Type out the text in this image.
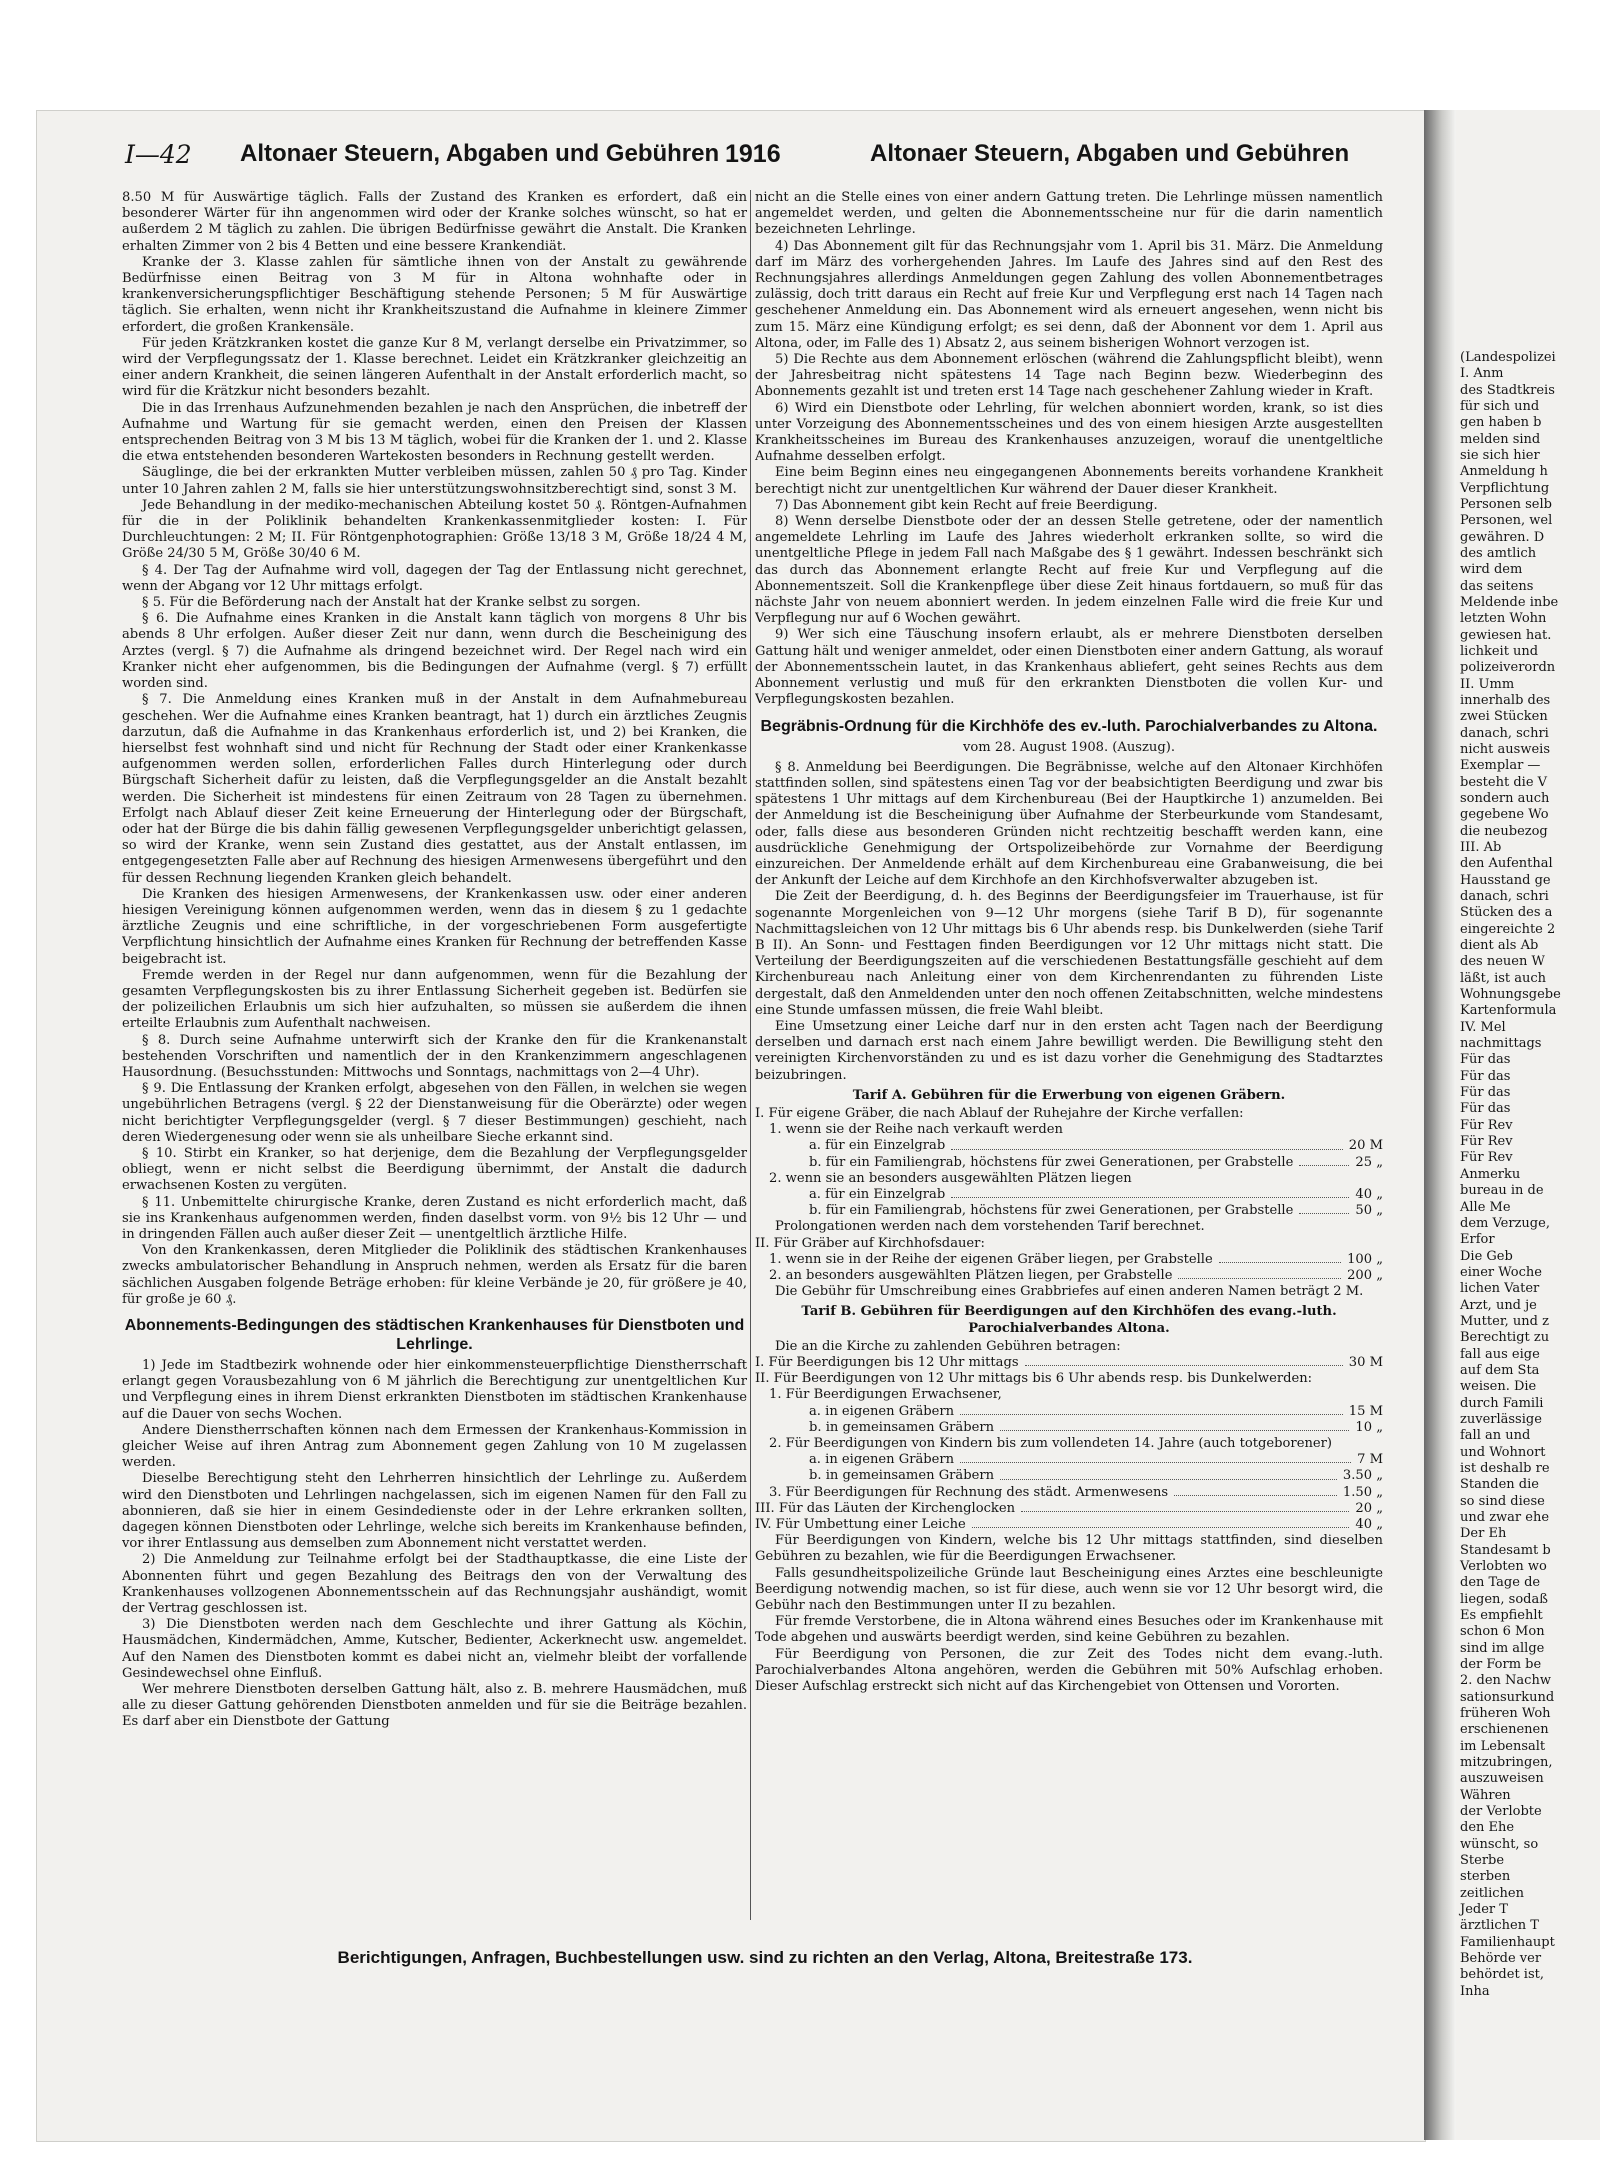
(Landespolizei
I. Anm
des Stadtkreis
für sich und
gen haben b
melden sind
sie sich hier
Anmeldung h
Verpflichtung
Personen selb
Personen, wel
gewähren. D
des amtlich
wird dem
das seitens
Meldende inbe
letzten Wohn
gewiesen hat.
lichkeit und
polizeiverordn
II. Umm
innerhalb des
zwei Stücken
danach, schri
nicht ausweis
Exemplar —
besteht die V
sondern auch
gegebene Wo
die neubezog
III. Ab
den Aufenthal
Hausstand ge
danach, schri
Stücken des a
eingereichte 2
dient als Ab
des neuen W
läßt, ist auch
Wohnungsgebe
Kartenformula
IV. Mel
nachmittags
Für das
Für das
Für das
Für das
Für Rev
Für Rev
Für Rev
Anmerku
bureau in de
Alle Me
dem Verzuge,
Erfor
Die Geb
einer Woche
lichen Vater
Arzt, und je
Mutter, und z
Berechtigt zu
fall aus eige
auf dem Sta
weisen. Die
durch Famili
zuverlässige
fall an und
und Wohnort
ist deshalb re
Standen die
so sind diese
und zwar ehe
Der Eh
Standesamt b
Verlobten wo
den Tage de
liegen, sodaß
Es empfiehlt
schon 6 Mon
sind im allge
der Form be
2. den Nachw
sationsurkund
früheren Woh
erschienenen
im Lebensalt
mitzubringen,
auszuweisen
Währen
der Verlobte
den Ehe
wünscht, so
Sterbe
sterben
zeitlichen
Jeder T
ärztlichen T
Familienhaupt
Behörde ver
behördet ist,
Inha
I—42 Altonaer Steuern, Abgaben und Gebühren 1916	Altonaer Steuern, Abgaben und Gebühren

8.50 M für Auswärtige täglich. Falls der Zustand des Kranken es erfordert, daß ein besonderer Wärter für ihn angenommen wird oder der Kranke solches wünscht, so hat er außerdem 2 M täglich zu zahlen. Die übrigen Bedürfnisse gewährt die Anstalt. Die Kranken erhalten Zimmer von 2 bis 4 Betten und eine bessere Krankendiät.

Kranke der 3. Klasse zahlen für sämtliche ihnen von der Anstalt zu gewährende Bedürfnisse einen Beitrag von 3 M für in Altona wohnhafte oder in krankenversicherungspflichtiger Beschäftigung stehende Personen; 5 M für Auswärtige täglich. Sie erhalten, wenn nicht ihr Krankheitszustand die Aufnahme in kleinere Zimmer erfordert, die großen Krankensäle.

Für jeden Krätzkranken kostet die ganze Kur 8 M, verlangt derselbe ein Privatzimmer, so wird der Verpflegungssatz der 1. Klasse berechnet. Leidet ein Krätzkranker gleichzeitig an einer andern Krankheit, die seinen längeren Aufenthalt in der Anstalt erforderlich macht, so wird für die Krätzkur nicht besonders bezahlt.

Die in das Irrenhaus Aufzunehmenden bezahlen je nach den Ansprüchen, die inbetreff der Aufnahme und Wartung für sie gemacht werden, einen den Preisen der Klassen entsprechenden Beitrag von 3 M bis 13 M täglich, wobei für die Kranken der 1. und 2. Klasse die etwa entstehenden besonderen Wartekosten besonders in Rechnung gestellt werden.

Säuglinge, die bei der erkrankten Mutter verbleiben müssen, zahlen 50 ₰ pro Tag. Kinder unter 10 Jahren zahlen 2 M, falls sie hier unterstützungswohnsitzberechtigt sind, sonst 3 M.

Jede Behandlung in der mediko-mechanischen Abteilung kostet 50 ₰. Röntgen-Aufnahmen für die in der Poliklinik behandelten Krankenkassenmitglieder kosten: I. Für Durchleuchtungen: 2 M; II. Für Röntgenphotographien: Größe 13/18 3 M, Größe 18/24 4 M, Größe 24/30 5 M, Größe 30/40 6 M.

§ 4. Der Tag der Aufnahme wird voll, dagegen der Tag der Entlassung nicht gerechnet, wenn der Abgang vor 12 Uhr mittags erfolgt.

§ 5. Für die Beförderung nach der Anstalt hat der Kranke selbst zu sorgen.

§ 6. Die Aufnahme eines Kranken in die Anstalt kann täglich von morgens 8 Uhr bis abends 8 Uhr erfolgen. Außer dieser Zeit nur dann, wenn durch die Bescheinigung des Arztes (vergl. § 7) die Aufnahme als dringend bezeichnet wird. Der Regel nach wird ein Kranker nicht eher aufgenommen, bis die Bedingungen der Aufnahme (vergl. § 7) erfüllt worden sind.

§ 7. Die Anmeldung eines Kranken muß in der Anstalt in dem Aufnahmebureau geschehen. Wer die Aufnahme eines Kranken beantragt, hat 1) durch ein ärztliches Zeugnis darzutun, daß die Aufnahme in das Krankenhaus erforderlich ist, und 2) bei Kranken, die hierselbst fest wohnhaft sind und nicht für Rechnung der Stadt oder einer Krankenkasse aufgenommen werden sollen, erforderlichen Falles durch Hinterlegung oder durch Bürgschaft Sicherheit dafür zu leisten, daß die Verpflegungsgelder an die Anstalt bezahlt werden. Die Sicherheit ist mindestens für einen Zeitraum von 28 Tagen zu übernehmen. Erfolgt nach Ablauf dieser Zeit keine Erneuerung der Hinterlegung oder der Bürgschaft, oder hat der Bürge die bis dahin fällig gewesenen Verpflegungsgelder unberichtigt gelassen, so wird der Kranke, wenn sein Zustand dies gestattet, aus der Anstalt entlassen, im entgegengesetzten Falle aber auf Rechnung des hiesigen Armenwesens übergeführt und den für dessen Rechnung liegenden Kranken gleich behandelt.

Die Kranken des hiesigen Armenwesens, der Krankenkassen usw. oder einer anderen hiesigen Vereinigung können aufgenommen werden, wenn das in diesem § zu 1 gedachte ärztliche Zeugnis und eine schriftliche, in der vorgeschriebenen Form ausgefertigte Verpflichtung hinsichtlich der Aufnahme eines Kranken für Rechnung der betreffenden Kasse beigebracht ist.

Fremde werden in der Regel nur dann aufgenommen, wenn für die Bezahlung der gesamten Verpflegungskosten bis zu ihrer Entlassung Sicherheit gegeben ist. Bedürfen sie der polizeilichen Erlaubnis um sich hier aufzuhalten, so müssen sie außerdem die ihnen erteilte Erlaubnis zum Aufenthalt nachweisen.

§ 8. Durch seine Aufnahme unterwirft sich der Kranke den für die Krankenanstalt bestehenden Vorschriften und namentlich der in den Krankenzimmern angeschlagenen Hausordnung. (Besuchsstunden: Mittwochs und Sonntags, nachmittags von 2—4 Uhr).

§ 9. Die Entlassung der Kranken erfolgt, abgesehen von den Fällen, in welchen sie wegen ungebührlichen Betragens (vergl. § 22 der Dienstanweisung für die Oberärzte) oder wegen nicht berichtigter Verpflegungsgelder (vergl. § 7 dieser Bestimmungen) geschieht, nach deren Wiedergenesung oder wenn sie als unheilbare Sieche erkannt sind.

§ 10. Stirbt ein Kranker, so hat derjenige, dem die Bezahlung der Verpflegungsgelder obliegt, wenn er nicht selbst die Beerdigung übernimmt, der Anstalt die dadurch erwachsenen Kosten zu vergüten.

§ 11. Unbemittelte chirurgische Kranke, deren Zustand es nicht erforderlich macht, daß sie ins Krankenhaus aufgenommen werden, finden daselbst vorm. von 9½ bis 12 Uhr — und in dringenden Fällen auch außer dieser Zeit — unentgeltlich ärztliche Hilfe.

Von den Krankenkassen, deren Mitglieder die Poliklinik des städtischen Krankenhauses zwecks ambulatorischer Behandlung in Anspruch nehmen, werden als Ersatz für die baren sächlichen Ausgaben folgende Beträge erhoben: für kleine Verbände je 20, für größere je 40, für große je 60 ₰.

Abonnements-Bedingungen des städtischen Krankenhauses für Dienstboten und Lehrlinge.

1) Jede im Stadtbezirk wohnende oder hier einkommensteuerpflichtige Dienstherrschaft erlangt gegen Vorausbezahlung von 6 M jährlich die Berechtigung zur unentgeltlichen Kur und Verpflegung eines in ihrem Dienst erkrankten Dienstboten im städtischen Krankenhause auf die Dauer von sechs Wochen.

Andere Dienstherrschaften können nach dem Ermessen der Krankenhaus-Kommission in gleicher Weise auf ihren Antrag zum Abonnement gegen Zahlung von 10 M zugelassen werden.

Dieselbe Berechtigung steht den Lehrherren hinsichtlich der Lehrlinge zu. Außerdem wird den Dienstboten und Lehrlingen nachgelassen, sich im eigenen Namen für den Fall zu abonnieren, daß sie hier in einem Gesindedienste oder in der Lehre erkranken sollten, dagegen können Dienstboten oder Lehrlinge, welche sich bereits im Krankenhause befinden, vor ihrer Entlassung aus demselben zum Abonnement nicht verstattet werden.

2) Die Anmeldung zur Teilnahme erfolgt bei der Stadthauptkasse, die eine Liste der Abonnenten führt und gegen Bezahlung des Beitrags den von der Verwaltung des Krankenhauses vollzogenen Abonnementsschein auf das Rechnungsjahr aushändigt, womit der Vertrag geschlossen ist.

3) Die Dienstboten werden nach dem Geschlechte und ihrer Gattung als Köchin, Hausmädchen, Kindermädchen, Amme, Kutscher, Bedienter, Ackerknecht usw. angemeldet. Auf den Namen des Dienstboten kommt es dabei nicht an, vielmehr bleibt der vorfallende Gesindewechsel ohne Einfluß.

Wer mehrere Dienstboten derselben Gattung hält, also z. B. mehrere Hausmädchen, muß alle zu dieser Gattung gehörenden Dienstboten anmelden und für sie die Beiträge bezahlen. Es darf aber ein Dienstbote der Gattung

nicht an die Stelle eines von einer andern Gattung treten. Die Lehrlinge müssen namentlich angemeldet werden, und gelten die Abonnementsscheine nur für die darin namentlich bezeichneten Lehrlinge.

4) Das Abonnement gilt für das Rechnungsjahr vom 1. April bis 31. März. Die Anmeldung darf im März des vorhergehenden Jahres. Im Laufe des Jahres sind auf den Rest des Rechnungsjahres allerdings Anmeldungen gegen Zahlung des vollen Abonnementbetrages zulässig, doch tritt daraus ein Recht auf freie Kur und Verpflegung erst nach 14 Tagen nach geschehener Anmeldung ein. Das Abonnement wird als erneuert angesehen, wenn nicht bis zum 15. März eine Kündigung erfolgt; es sei denn, daß der Abonnent vor dem 1. April aus Altona, oder, im Falle des 1) Absatz 2, aus seinem bisherigen Wohnort verzogen ist.

5) Die Rechte aus dem Abonnement erlöschen (während die Zahlungspflicht bleibt), wenn der Jahresbeitrag nicht spätestens 14 Tage nach Beginn bezw. Wiederbeginn des Abonnements gezahlt ist und treten erst 14 Tage nach geschehener Zahlung wieder in Kraft.

6) Wird ein Dienstbote oder Lehrling, für welchen abonniert worden, krank, so ist dies unter Vorzeigung des Abonnementsscheines und des von einem hiesigen Arzte ausgestellten Krankheitsscheines im Bureau des Krankenhauses anzuzeigen, worauf die unentgeltliche Aufnahme desselben erfolgt.

Eine beim Beginn eines neu eingegangenen Abonnements bereits vorhandene Krankheit berechtigt nicht zur unentgeltlichen Kur während der Dauer dieser Krankheit.

7) Das Abonnement gibt kein Recht auf freie Beerdigung.

8) Wenn derselbe Dienstbote oder der an dessen Stelle getretene, oder der namentlich angemeldete Lehrling im Laufe des Jahres wiederholt erkranken sollte, so wird die unentgeltliche Pflege in jedem Fall nach Maßgabe des § 1 gewährt. Indessen beschränkt sich das durch das Abonnement erlangte Recht auf freie Kur und Verpflegung auf die Abonnementszeit. Soll die Krankenpflege über diese Zeit hinaus fortdauern, so muß für das nächste Jahr von neuem abonniert werden. In jedem einzelnen Falle wird die freie Kur und Verpflegung nur auf 6 Wochen gewährt.

9) Wer sich eine Täuschung insofern erlaubt, als er mehrere Dienstboten derselben Gattung hält und weniger anmeldet, oder einen Dienstboten einer andern Gattung, als worauf der Abonnementsschein lautet, in das Krankenhaus abliefert, geht seines Rechts aus dem Abonnement verlustig und muß für den erkrankten Dienstboten die vollen Kur- und Verpflegungskosten bezahlen.

Begräbnis-Ordnung für die Kirchhöfe des ev.-luth. Parochialverbandes zu Altona.
vom 28. August 1908. (Auszug).

§ 8. Anmeldung bei Beerdigungen. Die Begräbnisse, welche auf den Altonaer Kirchhöfen stattfinden sollen, sind spätestens einen Tag vor der beabsichtigten Beerdigung und zwar bis spätestens 1 Uhr mittags auf dem Kirchenbureau (Bei der Hauptkirche 1) anzumelden. Bei der Anmeldung ist die Bescheinigung über Aufnahme der Sterbeurkunde vom Standesamt, oder, falls diese aus besonderen Gründen nicht rechtzeitig beschafft werden kann, eine ausdrückliche Genehmigung der Ortspolizeibehörde zur Vornahme der Beerdigung einzureichen. Der Anmeldende erhält auf dem Kirchenbureau eine Grabanweisung, die bei der Ankunft der Leiche auf dem Kirchhofe an den Kirchhofsverwalter abzugeben ist.

Die Zeit der Beerdigung, d. h. des Beginns der Beerdigungsfeier im Trauerhause, ist für sogenannte Morgenleichen von 9—12 Uhr morgens (siehe Tarif B D), für sogenannte Nachmittagsleichen von 12 Uhr mittags bis 6 Uhr abends resp. bis Dunkelwerden (siehe Tarif B II). An Sonn- und Festtagen finden Beerdigungen vor 12 Uhr mittags nicht statt. Die Verteilung der Beerdigungszeiten auf die verschiedenen Bestattungsfälle geschieht auf dem Kirchenbureau nach Anleitung einer von dem Kirchenrendanten zu führenden Liste dergestalt, daß den Anmeldenden unter den noch offenen Zeitabschnitten, welche mindestens eine Stunde umfassen müssen, die freie Wahl bleibt.

Eine Umsetzung einer Leiche darf nur in den ersten acht Tagen nach der Beerdigung derselben und darnach erst nach einem Jahre bewilligt werden. Die Bewilligung steht den vereinigten Kirchenvorständen zu und es ist dazu vorher die Genehmigung des Stadtarztes beizubringen.

Tarif A. Gebühren für die Erwerbung von eigenen Gräbern.
I. Für eigene Gräber, die nach Ablauf der Ruhejahre der Kirche verfallen:
1. wenn sie der Reihe nach verkauft werden
a. für ein Einzelgrab	20 M
b. für ein Familiengrab, höchstens für zwei Generationen, per Grabstelle	25 „
2. wenn sie an besonders ausgewählten Plätzen liegen
a. für ein Einzelgrab	40 „
b. für ein Familiengrab, höchstens für zwei Generationen, per Grabstelle	50 „

Prolongationen werden nach dem vorstehenden Tarif berechnet.

II. Für Gräber auf Kirchhofsdauer:
1. wenn sie in der Reihe der eigenen Gräber liegen, per Grabstelle	100 „
2. an besonders ausgewählten Plätzen liegen, per Grabstelle	200 „

Die Gebühr für Umschreibung eines Grabbriefes auf einen anderen Namen beträgt 2 M.

Tarif B. Gebühren für Beerdigungen auf den Kirchhöfen des evang.-luth. Parochialverbandes Altona.

Die an die Kirche zu zahlenden Gebühren betragen:

I. Für Beerdigungen bis 12 Uhr mittags	30 M
II. Für Beerdigungen von 12 Uhr mittags bis 6 Uhr abends resp. bis Dunkelwerden:
1. Für Beerdigungen Erwachsener,
a. in eigenen Gräbern	15 M
b. in gemeinsamen Gräbern	10 „
2. Für Beerdigungen von Kindern bis zum vollendeten 14. Jahre (auch totgeborener)
a. in eigenen Gräbern	7 M
b. in gemeinsamen Gräbern	3.50 „
3. Für Beerdigungen für Rechnung des städt. Armenwesens	1.50 „
III. Für das Läuten der Kirchenglocken	20 „
IV. Für Umbettung einer Leiche	40 „

Für Beerdigungen von Kindern, welche bis 12 Uhr mittags stattfinden, sind dieselben Gebühren zu bezahlen, wie für die Beerdigungen Erwachsener.

Falls gesundheitspolizeiliche Gründe laut Bescheinigung eines Arztes eine beschleunigte Beerdigung notwendig machen, so ist für diese, auch wenn sie vor 12 Uhr besorgt wird, die Gebühr nach den Bestimmungen unter II zu bezahlen.

Für fremde Verstorbene, die in Altona während eines Besuches oder im Krankenhause mit Tode abgehen und auswärts beerdigt werden, sind keine Gebühren zu bezahlen.

Für Beerdigung von Personen, die zur Zeit des Todes nicht dem evang.-luth. Parochialverbandes Altona angehören, werden die Gebühren mit 50% Aufschlag erhoben. Dieser Aufschlag erstreckt sich nicht auf das Kirchengebiet von Ottensen und Vororten.

Berichtigungen, Anfragen, Buchbestellungen usw. sind zu richten an den Verlag, Altona, Breitestraße 173.
